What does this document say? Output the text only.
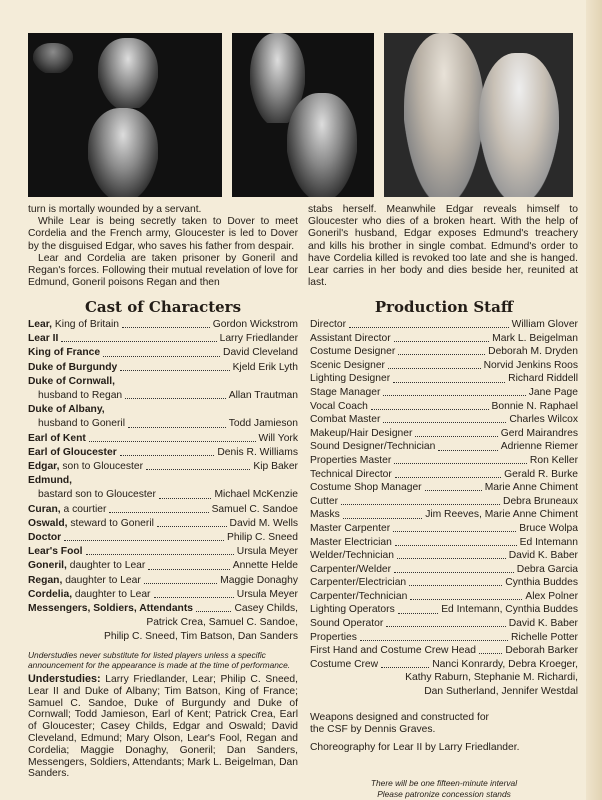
turn is mortally wounded by a servant.

While Lear is being secretly taken to Dover to meet Cordelia and the French army, Gloucester is led to Dover by the disguised Edgar, who saves his father from despair.

Lear and Cordelia are taken prisoner by Goneril and Regan's forces. Following their mutual revelation of love for Edmund, Goneril poisons Regan and then

stabs herself. Meanwhile Edgar reveals himself to Gloucester who dies of a broken heart. With the help of Goneril's husband, Edgar exposes Edmund's treachery and kills his brother in single combat. Edmund's order to have Cordelia killed is revoked too late and she is hanged. Lear carries in her body and dies beside her, reunited at last.

Cast of Characters
Lear, King of Britain	Gordon Wickstrom
Lear II	Larry Friedlander
King of France	David Cleveland
Duke of Burgundy	Kjeld Erik Lyth
Duke of Cornwall,
husband to Regan	Allan Trautman
Duke of Albany,
husband to Goneril	Todd Jamieson
Earl of Kent	Will York
Earl of Gloucester	Denis R. Williams
Edgar, son to Gloucester	Kip Baker
Edmund,
bastard son to Gloucester	Michael McKenzie
Curan, a courtier	Samuel C. Sandoe
Oswald, steward to Goneril	David M. Wells
Doctor	Philip C. Sneed
Lear's Fool	Ursula Meyer
Goneril, daughter to Lear	Annette Helde
Regan, daughter to Lear	Maggie Donaghy
Cordelia, daughter to Lear	Ursula Meyer
Messengers, Soldiers, Attendants	Casey Childs,
Patrick Crea, Samuel C. Sandoe,
Philip C. Sneed, Tim Batson, Dan Sanders
Understudies never substitute for listed players unless a specific announcement for the appearance is made at the time of performance.
Understudies: Larry Friedlander, Lear; Philip C. Sneed, Lear II and Duke of Albany; Tim Batson, King of France; Samuel C. Sandoe, Duke of Burgundy and Duke of Cornwall; Todd Jamieson, Earl of Kent; Patrick Crea, Earl of Gloucester; Casey Childs, Edgar and Oswald; David Cleveland, Edmund; Mary Olson, Lear's Fool, Regan and Cordelia; Maggie Donaghy, Goneril; Dan Sanders, Messengers, Soldiers, Attendants; Mark L. Beigelman, Dan Sanders.
Production Staff
Director	William Glover
Assistant Director	Mark L. Beigelman
Costume Designer	Deborah M. Dryden
Scenic Designer	Norvid Jenkins Roos
Lighting Designer	Richard Riddell
Stage Manager	Jane Page
Vocal Coach	Bonnie N. Raphael
Combat Master	Charles Wilcox
Makeup/Hair Designer	Gerd Mairandres
Sound Designer/Technician	Adrienne Riemer
Properties Master	Ron Keller
Technical Director	Gerald R. Burke
Costume Shop Manager	Marie Anne Chiment
Cutter	Debra Bruneaux
Masks	Jim Reeves, Marie Anne Chiment
Master Carpenter	Bruce Wolpa
Master Electrician	Ed Intemann
Welder/Technician	David K. Baber
Carpenter/Welder	Debra Garcia
Carpenter/Electrician	Cynthia Buddes
Carpenter/Technician	Alex Polner
Lighting Operators	Ed Intemann, Cynthia Buddes
Sound Operator	David K. Baber
Properties	Richelle Potter
First Hand and Costume Crew Head	Deborah Barker
Costume Crew	Nanci Konrardy, Debra Kroeger,
Kathy Raburn, Stephanie M. Richardi,
Dan Sutherland, Jennifer Westdal
Weapons designed and constructed for the CSF by Dennis Graves.
Choreography for Lear II by Larry Friedlander.
There will be one fifteen-minute interval
Please patronize concession stands
